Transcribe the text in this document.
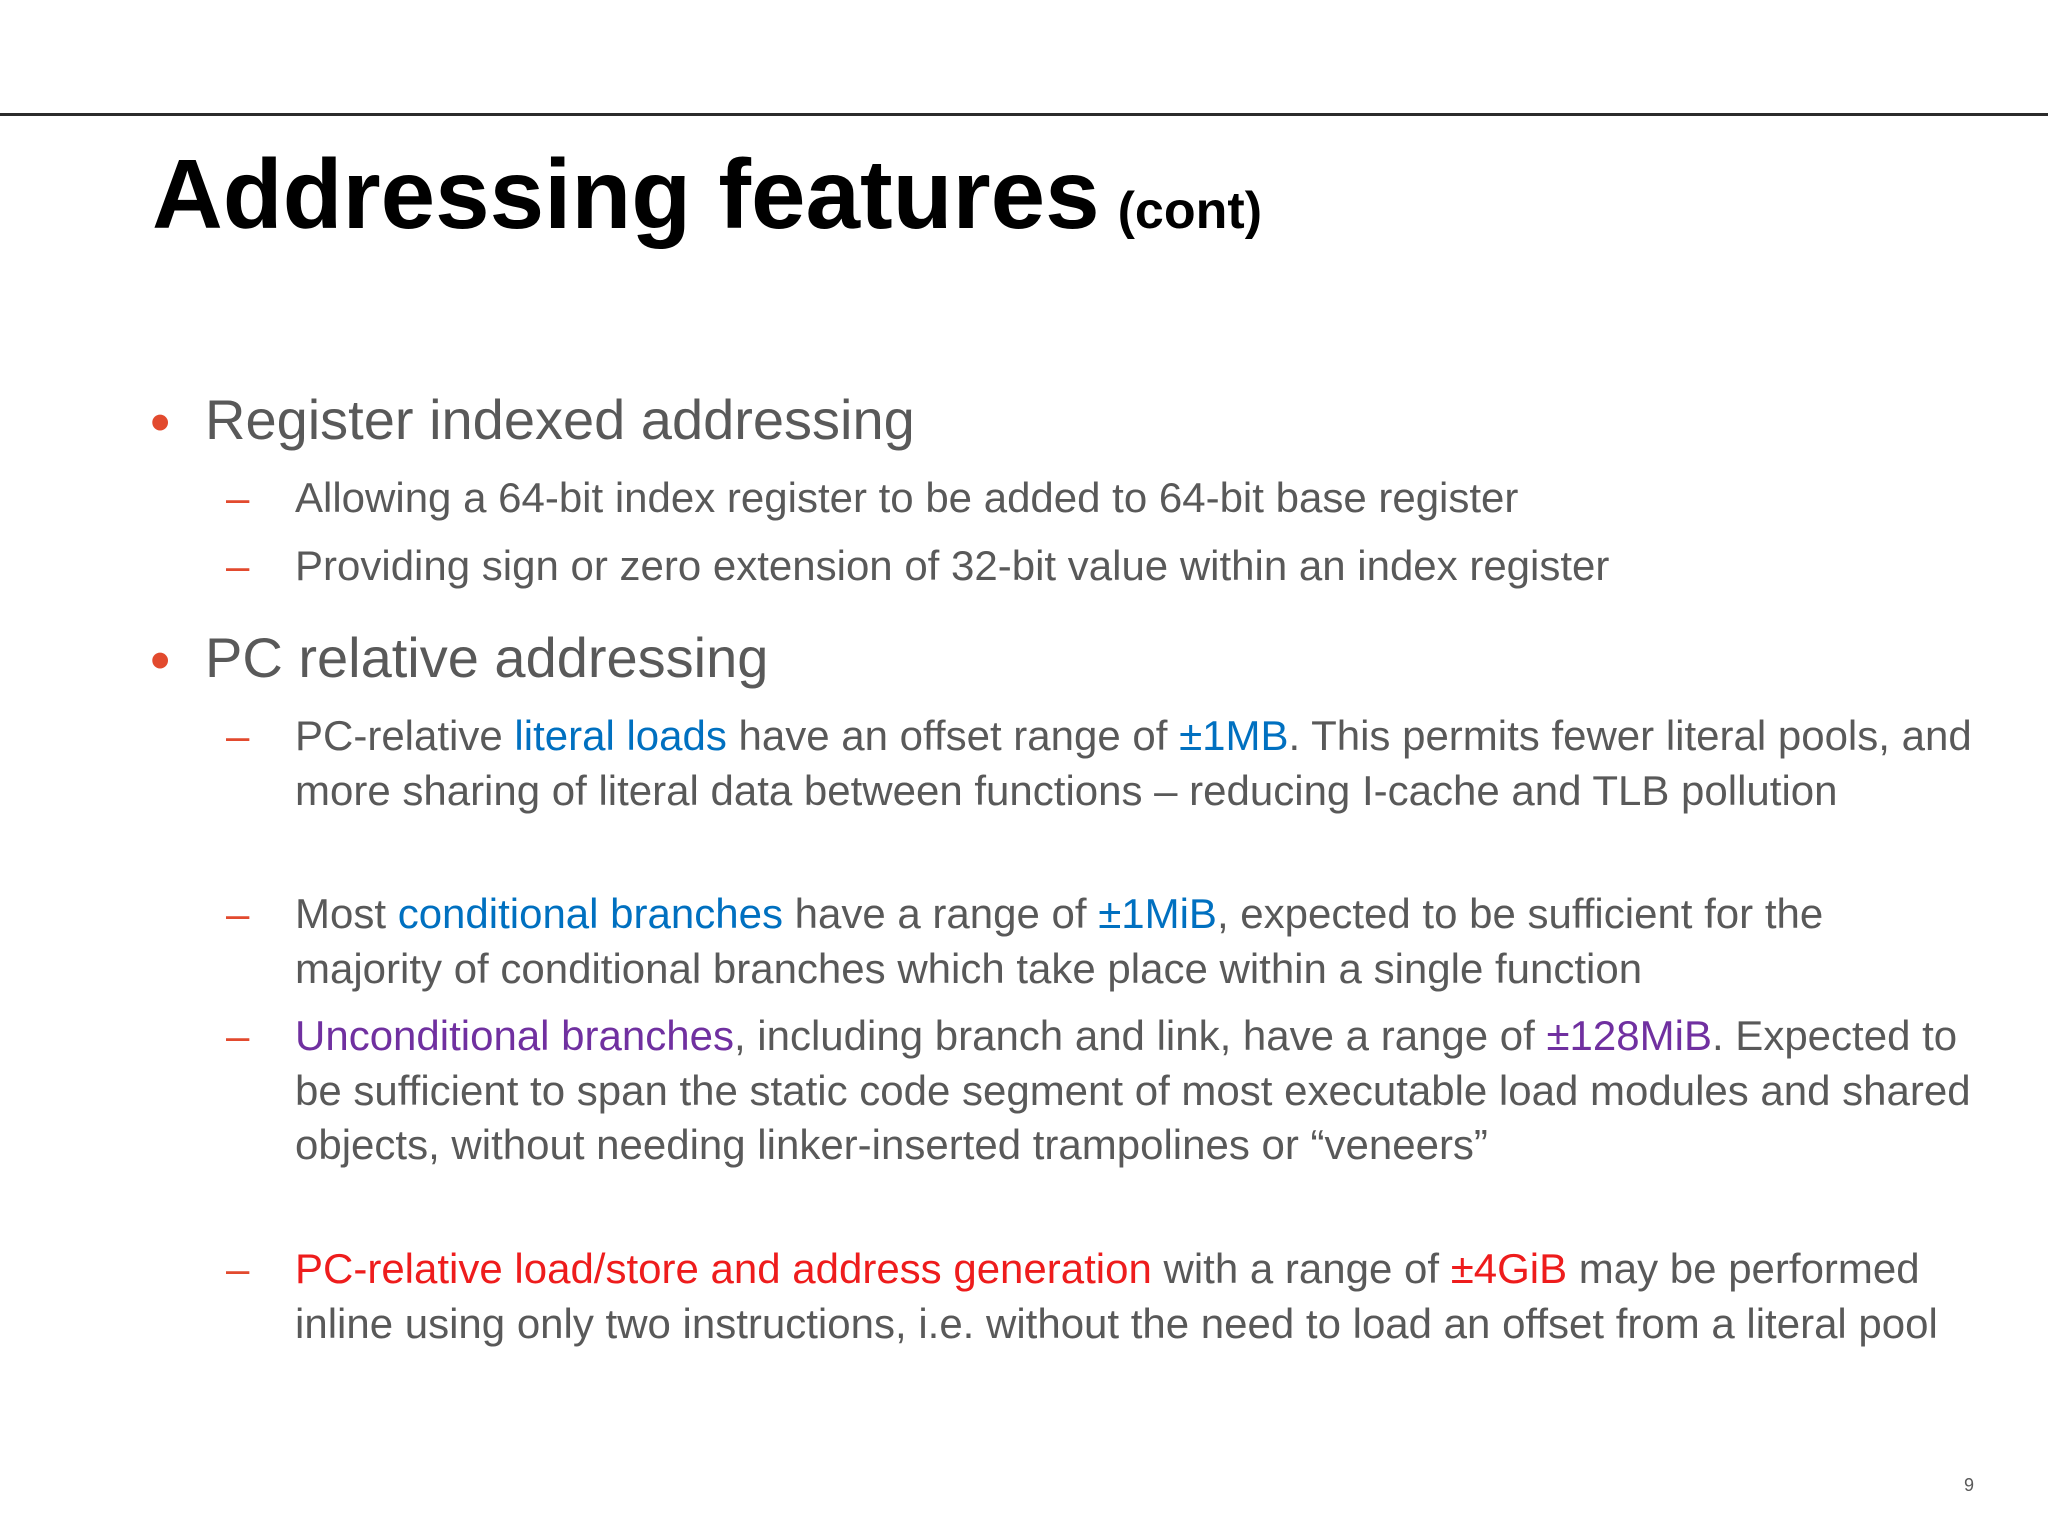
Addressing features (cont)
• Register indexed addressing
– Allowing a 64-bit index register to be added to 64-bit base register
– Providing sign or zero extension of 32-bit value within an index register
• PC relative addressing
– PC-relative literal loads have an offset range of ±1MB. This permits fewer literal pools, and more sharing of literal data between functions – reducing I-cache and TLB pollution
– Most conditional branches have a range of ±1MiB, expected to be sufficient for the majority of conditional branches which take place within a single function
– Unconditional branches, including branch and link, have a range of ±128MiB. Expected to be sufficient to span the static code segment of most executable load modules and shared objects, without needing linker-inserted trampolines or “veneers”
– PC-relative load/store and address generation with a range of ±4GiB may be performed inline using only two instructions, i.e. without the need to load an offset from a literal pool
9
